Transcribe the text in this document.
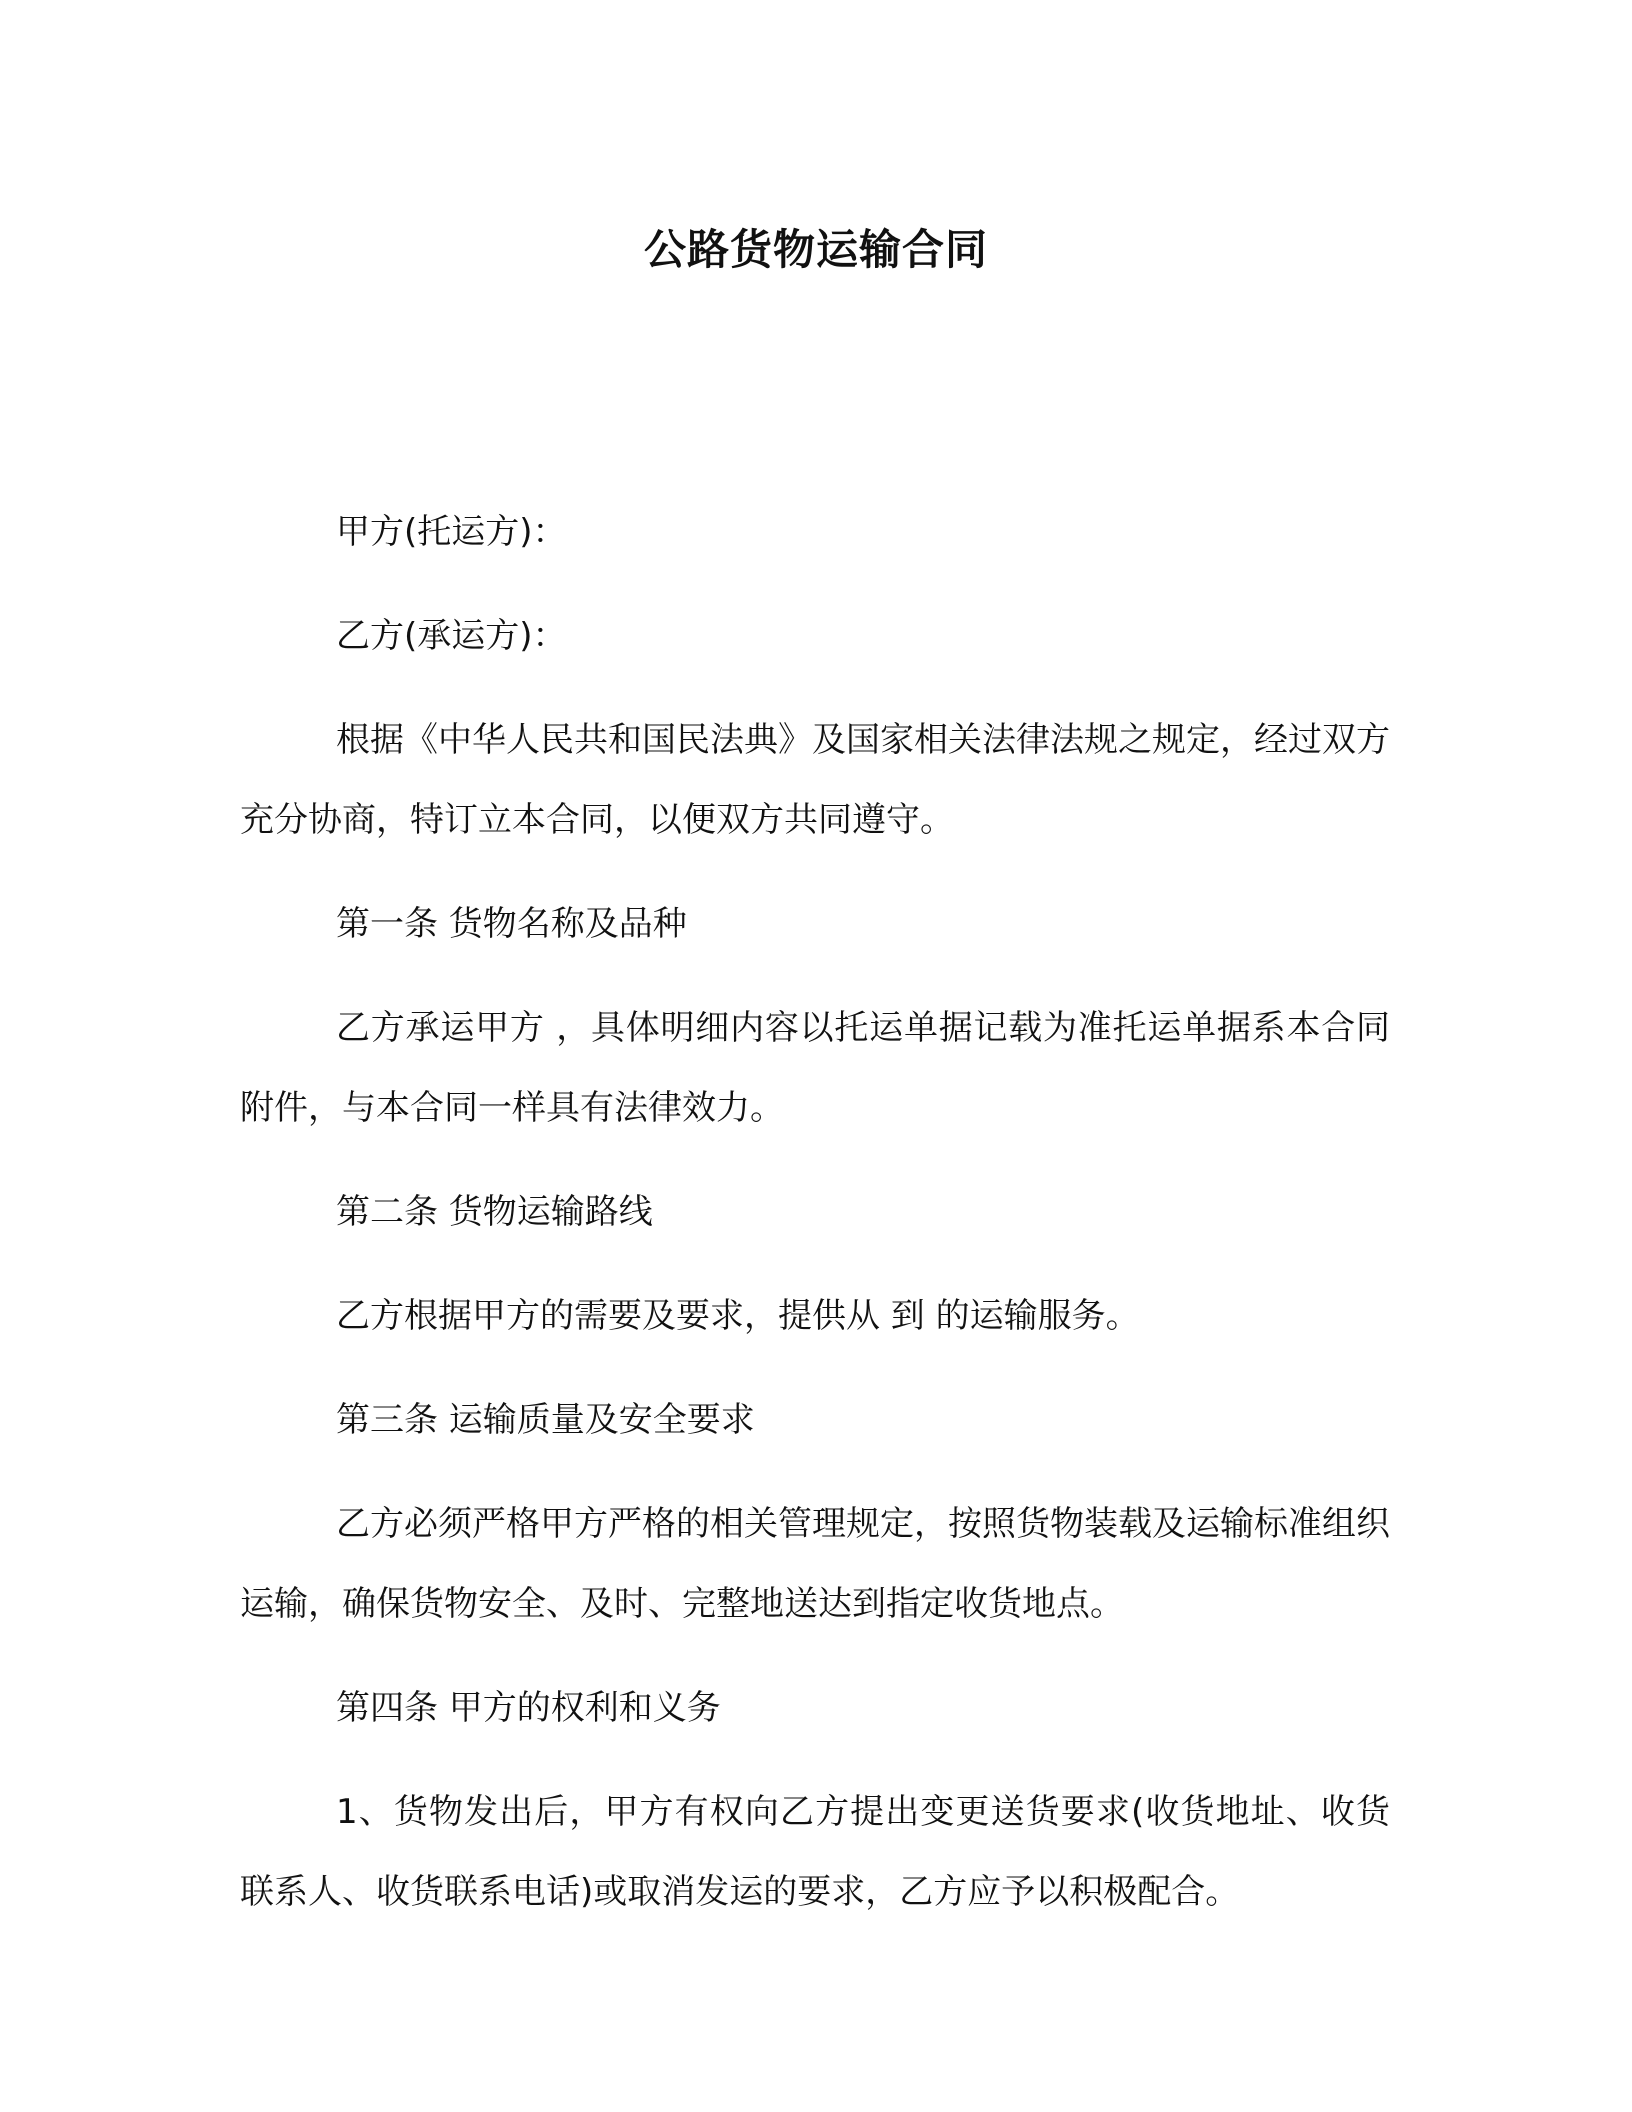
公路货物运输合同

甲方(托运方)：

乙方(承运方)：

根据《中华人民共和国民法典》及国家相关法律法规之规定，经过双方充分协商，特订立本合同，以便双方共同遵守。

第一条 货物名称及品种

乙方承运甲方 ，具体明细内容以托运单据记载为准托运单据系本合同附件，与本合同一样具有法律效力。

第二条 货物运输路线

乙方根据甲方的需要及要求，提供从 到 的运输服务。

第三条 运输质量及安全要求

乙方必须严格甲方严格的相关管理规定，按照货物装载及运输标准组织运输，确保货物安全、及时、完整地送达到指定收货地点。

第四条 甲方的权利和义务

1、货物发出后，甲方有权向乙方提出变更送货要求(收货地址、收货联系人、收货联系电话)或取消发运的要求，乙方应予以积极配合。
